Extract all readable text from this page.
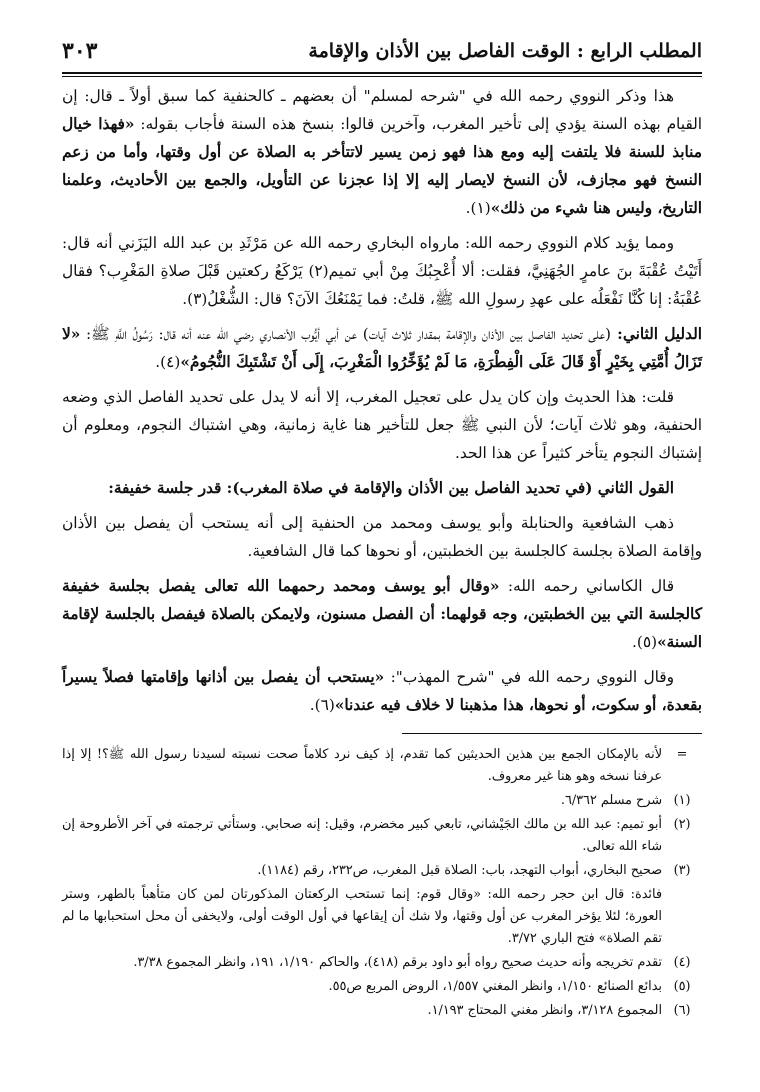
المطلب الرابع : الوقت الفاصل بين الأذان والإقامة
٣٠٣

هذا وذكر النووي رحمه الله في "شرحه لمسلم" أن بعضهم ـ كالحنفية كما سبق أولاً ـ قال: إن القيام بهذه السنة يؤدي إلى تأخير المغرب، وآخرين قالوا: بنسخ هذه السنة فأجاب بقوله: «فهذا خيال منابذ للسنة فلا يلتفت إليه ومع هذا فهو زمن يسير لاتتأخر به الصلاة عن أول وقتها، وأما من زعم النسخ فهو مجازف، لأن النسخ لايصار إليه إلا إذا عجزنا عن التأويل، والجمع بين الأحاديث، وعلمنا التاريخ، وليس هنا شيء من ذلك»(١).

ومما يؤيد كلام النووي رحمه الله: مارواه البخاري رحمه الله عن مَرْثَدِ بن عبد الله اليَزَني أنه قال: أَتَيْتُ عُقْبَةَ بنَ عامرٍ الجُهَنِيَّ، فقلت: ألا أُعْجِبُكَ مِنْ أبي تميم(٢) يَرْكَعُ ركعتين قَبْلَ صلاةِ المَغْرِب؟ فقال عُقْبَةُ: إنا كُنَّا نَفْعَلُه على عهدِ رسولِ الله ﷺ، قلتُ: فما يَمْنَعُكَ الآنَ؟ قال: الشُّغْلُ(٣).

الدليل الثاني: (على تحديد الفاصل بين الأذان والإقامة بمقدار ثلاث آيات) عن أبي أيُّوب الأنصاري رضي الله عنه أنه قال: رَسُولُ اللَّهِ ﷺ: «لا تَزَالُ أُمَّتِي بِخَيْرٍ أَوْ قَالَ عَلَى الْفِطْرَةِ، مَا لَمْ يُؤَخِّرُوا الْمَغْرِبَ، إِلَى أَنْ تَشْتَبِكَ النُّجُومُ»(٤).

قلت: هذا الحديث وإن كان يدل على تعجيل المغرب، إلا أنه لا يدل على تحديد الفاصل الذي وضعه الحنفية، وهو ثلاث آيات؛ لأن النبي ﷺ جعل للتأخير هنا غاية زمانية، وهي اشتباك النجوم، ومعلوم أن إشتباك النجوم يتأخر كثيراً عن هذا الحد.

القول الثاني (في تحديد الفاصل بين الأذان والإقامة في صلاة المغرب): قدر جلسة خفيفة:

ذهب الشافعية والحنابلة وأبو يوسف ومحمد من الحنفية إلى أنه يستحب أن يفصل بين الأذان وإقامة الصلاة بجلسة كالجلسة بين الخطبتين، أو نحوها كما قال الشافعية.

قال الكاساني رحمه الله: «وقال أبو يوسف ومحمد رحمهما الله تعالى يفصل بجلسة خفيفة كالجلسة التي بين الخطبتين، وجه قولهما: أن الفصل مسنون، ولايمكن بالصلاة فيفصل بالجلسة لإقامة السنة»(٥).

وقال النووي رحمه الله في "شرح المهذب": «يستحب أن يفصل بين أذانها وإقامتها فصلاً يسيراً بقعدة، أو سكوت، أو نحوها، هذا مذهبنا لا خلاف فيه عندنا»(٦).

=
لأنه بالإمكان الجمع بين هذين الحديثين كما تقدم، إذ كيف نرد كلاماً صحت نسبته لسيدنا رسول الله ﷺ؟! إلا إذا عرفنا نسخه وهو هنا غير معروف.
(١)
شرح مسلم ٦/٣٦٢.
(٢)
أبو تميم: عبد الله بن مالك الجَيْشاني، تابعي كبير مخضرم، وقيل: إنه صحابي. وستأتي ترجمته في آخر الأطروحة إن شاء الله تعالى.
(٣)
صحيح البخاري، أبواب التهجد، باب: الصلاة قبل المغرب، ص٢٣٢، رقم (١١٨٤).
فائدة: قال ابن حجر رحمه الله: «وقال قوم: إنما تستحب الركعتان المذكورتان لمن كان متأهباً بالطهر، وستر العورة؛ لئلا يؤخر المغرب عن أول وقتها، ولا شك أن إيقاعها في أول الوقت أولى، ولايخفى أن محل استحبابها ما لم تقم الصلاة» فتح الباري ٣/٧٢.
(٤)
تقدم تخريجه وأنه حديث صحيح رواه أبو داود برقم (٤١٨)، والحاكم ١/١٩٠، ١٩١، وانظر المجموع ٣/٣٨.
(٥)
بدائع الصنائع ١/١٥٠، وانظر المغني ١/٥٥٧، الروض المربع ص٥٥.
(٦)
المجموع ٣/١٢٨، وانظر مغني المحتاج ١/١٩٣.
